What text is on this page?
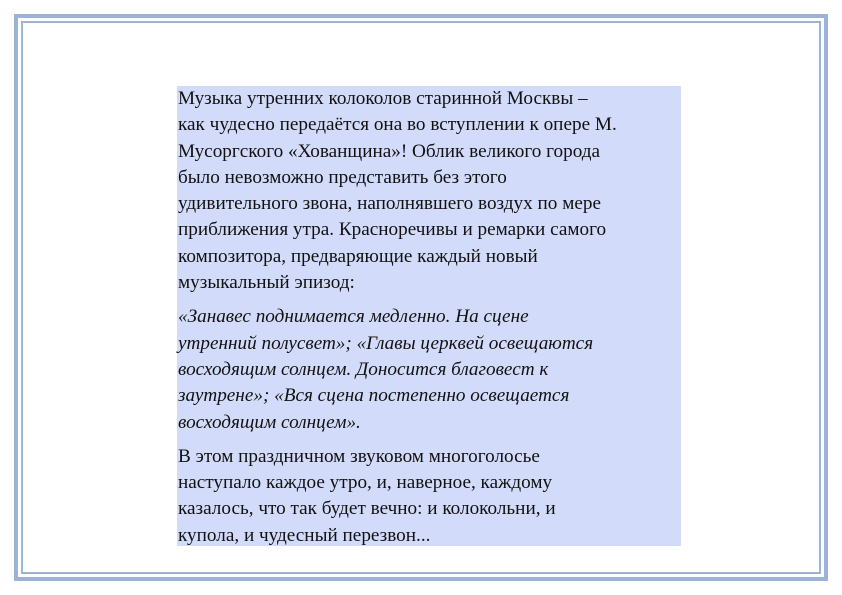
Музыка утренних колоколов старинной Москвы –
как чудесно передаётся она во вступлении к опере М.
Мусоргского «Хованщина»! Облик великого города
было невозможно представить без этого
удивительного звона, наполнявшего воздух по мере
приближения утра. Красноречивы и ремарки самого
композитора, предваряющие каждый новый
музыкальный эпизод:

«Занавес поднимается медленно. На сцене
утренний полусвет»; «Главы церквей освещаются
восходящим солнцем. Доносится благовест к
заутрене»; «Вся сцена постепенно освещается
восходящим солнцем».

В этом праздничном звуковом многоголосье
наступало каждое утро, и, наверное, каждому
казалось, что так будет вечно: и колокольни, и
купола, и чудесный перезвон...
